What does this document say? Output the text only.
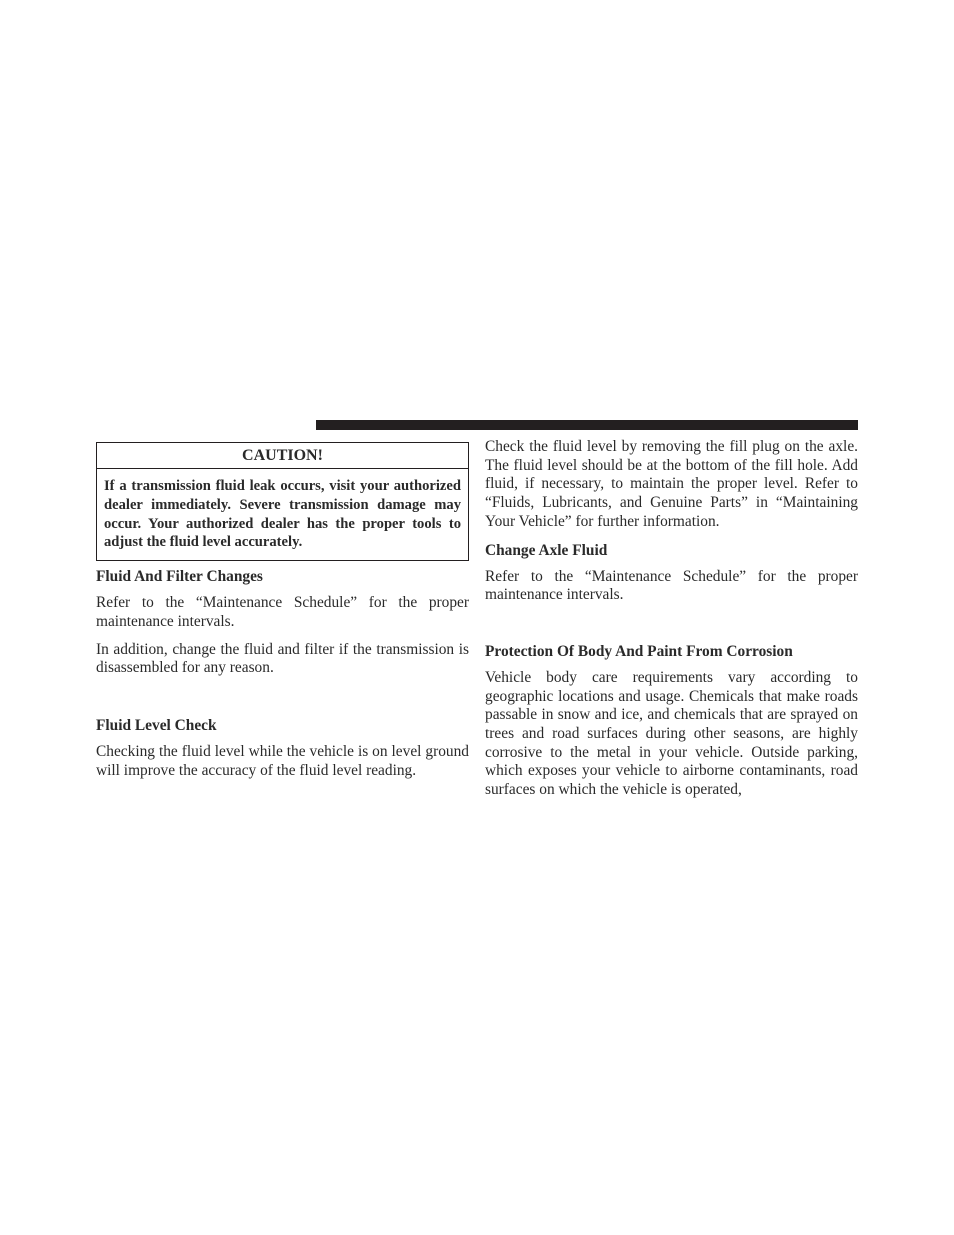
CAUTION!
If a transmission fluid leak occurs, visit your authorized dealer immediately. Severe transmission damage may occur. Your authorized dealer has the proper tools to adjust the fluid level accurately.
Fluid And Filter Changes

Refer to the “Maintenance Schedule” for the proper maintenance intervals.

In addition, change the fluid and filter if the transmission is disassembled for any reason.

Fluid Level Check

Checking the fluid level while the vehicle is on level ground will improve the accuracy of the fluid level reading.

Check the fluid level by removing the fill plug on the axle. The fluid level should be at the bottom of the fill hole. Add fluid, if necessary, to maintain the proper level. Refer to “Fluids, Lubricants, and Genuine Parts” in “Maintaining Your Vehicle” for further information.

Change Axle Fluid

Refer to the “Maintenance Schedule” for the proper maintenance intervals.

Protection Of Body And Paint From Corrosion

Vehicle body care requirements vary according to geographic locations and usage. Chemicals that make roads passable in snow and ice, and chemicals that are sprayed on trees and road surfaces during other seasons, are highly corrosive to the metal in your vehicle. Outside parking, which exposes your vehicle to airborne contaminants, road surfaces on which the vehicle is operated,
